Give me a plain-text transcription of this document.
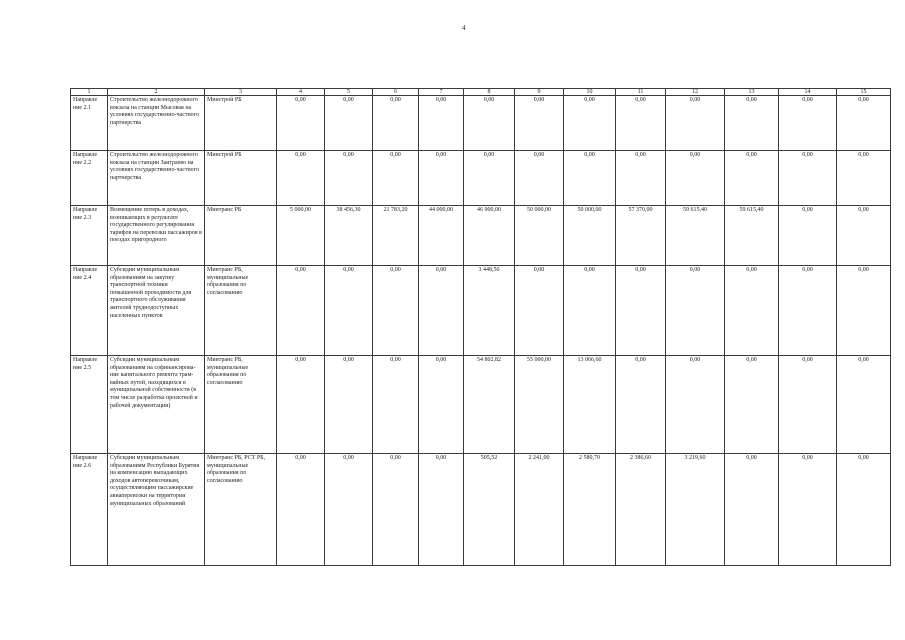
4
1	2	3	4	5	6	7	8	9	10	11	12	13	14	15
Направле ние 2.1	Строительство железнодорожного вокзала на станции Мысовая на условиях государственно-частного партнерства	Минстрой РБ	0,00	0,00	0,00	0,00	0,00	0,00	0,00	0,00	0,00	0,00	0,00	0,00
Направле ние 2.2	Строительство железнодорожного вокзала на станции Заиграево на условиях государственно-частного партнерства	Минстрой РБ	0,00	0,00	0,00	0,00	0,00	0,00	0,00	0,00	0,00	0,00	0,00	0,00
Направле ние 2.3	Возмещение потерь в доходах, возникающих в результате государственного регулирования тарифов на перевозки пассажиров в поездах пригородного	Минтранс РБ	5 000,00	38 456,30	21 783,20	44 000,00	46 900,00	50 000,00	50 000,00	57 370,00	59 615,40	59 615,40	0,00	0,00
Направле ние 2.4	Субсидии муниципальным образованиям на закупку транспортной техники повышенной проходимости для транспортного обслуживания жителей труднодоступных населенных пунктов	Минтранс РБ, муниципальные образования по согласованию	0,00	0,00	0,00	0,00	3 448,50	0,00	0,00	0,00	0,00	0,00	0,00	0,00
Направле ние 2.5	Субсидии муниципальным образованиям на софинансирова-ние капитального ремонта трам-вайных путей, находящихся в муниципальной собственности (в том числе разработка проектной и рабочей документации)	Минтранс РБ, муниципальные образования по согласованию	0,00	0,00	0,00	0,00	54 802,82	55 000,00	13 066,60	0,00	0,00	0,00	0,00	0,00
Направле ние 2.6	Субсидии муниципальным образованиям Республики Бурятия на компенсацию выпадающих доходов автоперевозчикам, осуществляющим пассажирские авиаперевозки на территории муниципальных образований	Минтранс РБ, РСТ РБ, муниципальные образования по согласованию	0,00	0,00	0,00	0,00	505,52	2 241,00	2 580,70	2 386,60	3 219,60	0,00	0,00	0,00
